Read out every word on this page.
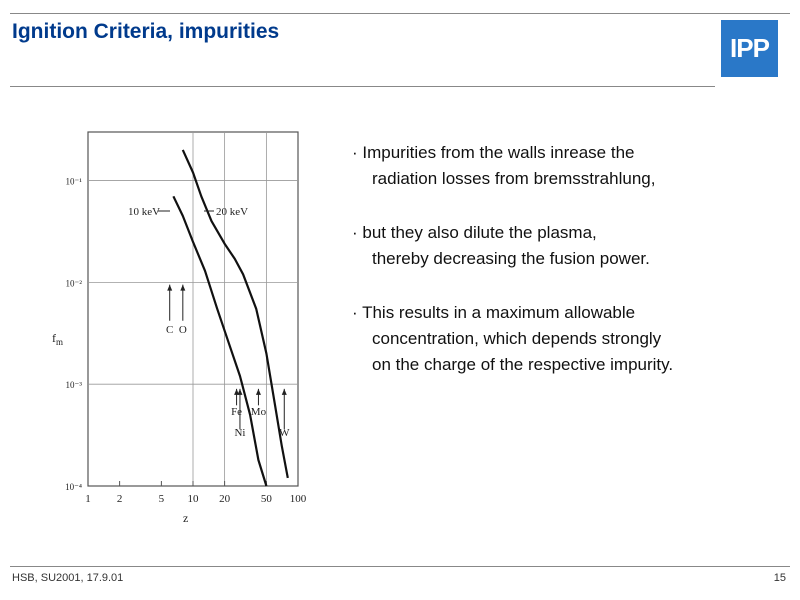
Ignition Criteria, impurities
IPP
1 2	5 10 20	50 100
10⁻¹
10⁻²
10⁻³
10⁻⁴
C O
Fe
Ni
Mo
W
10 keV	20 keV
$f_m$
z
· Impurities from the walls inrease the
radiation losses from bremsstrahlung,
· but they also dilute the plasma,
thereby decreasing the fusion power.
· This results in a maximum allowable
concentration, which depends strongly
on the charge of the respective impurity.
HSB, SU2001, 17.9.01	15
